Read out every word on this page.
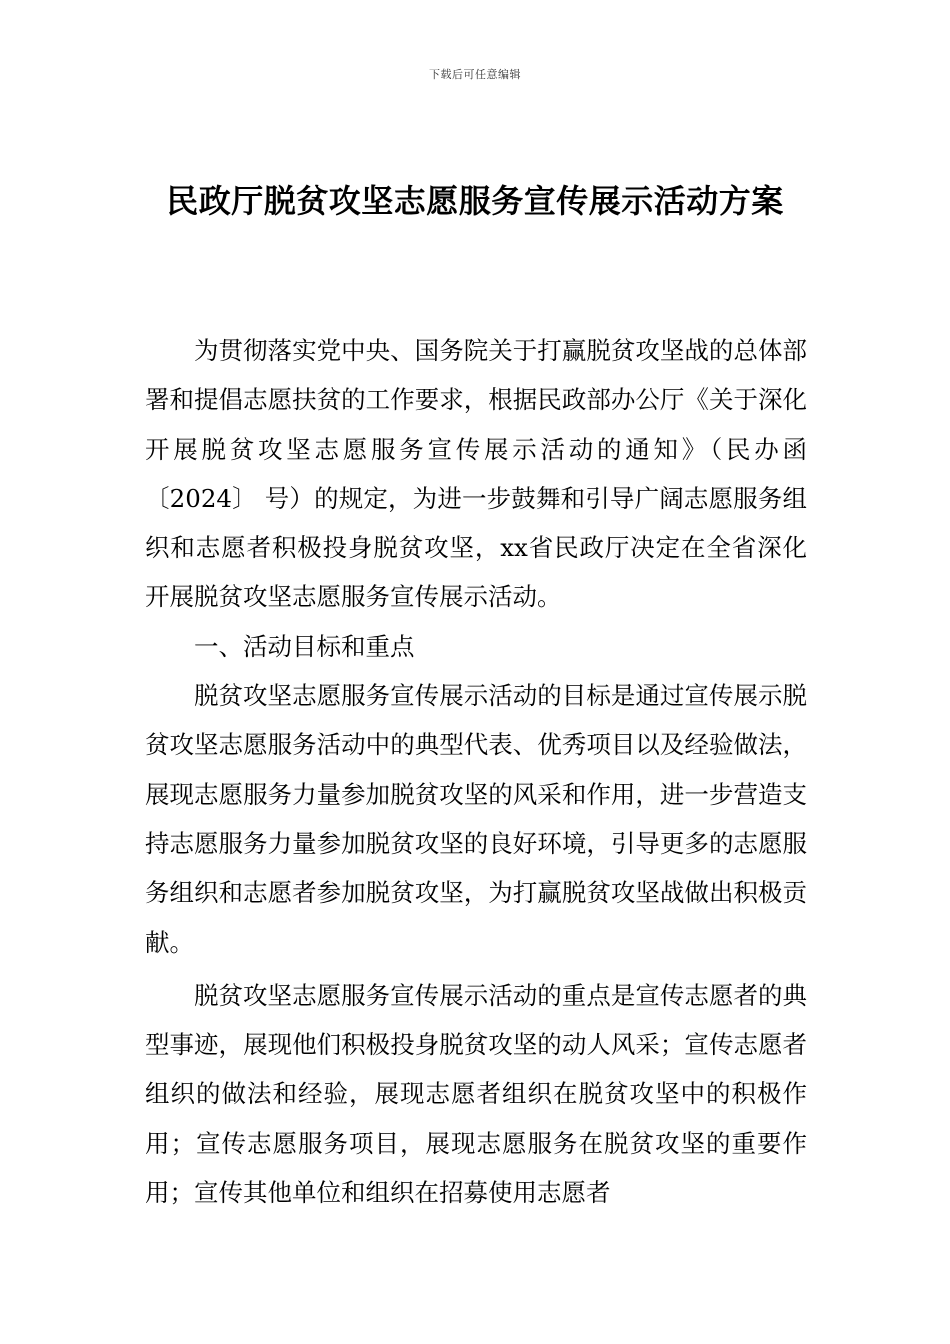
下载后可任意编辑
民政厅脱贫攻坚志愿服务宣传展示活动方案

为贯彻落实党中央、国务院关于打赢脱贫攻坚战的总体部署和提倡志愿扶贫的工作要求，根据民政部办公厅《关于深化开展脱贫攻坚志愿服务宣传展示活动的通知》（民办函〔2024〕 号）的规定，为进一步鼓舞和引导广阔志愿服务组织和志愿者积极投身脱贫攻坚，xx省民政厅决定在全省深化开展脱贫攻坚志愿服务宣传展示活动。

一、活动目标和重点

脱贫攻坚志愿服务宣传展示活动的目标是通过宣传展示脱贫攻坚志愿服务活动中的典型代表、优秀项目以及经验做法，展现志愿服务力量参加脱贫攻坚的风采和作用，进一步营造支持志愿服务力量参加脱贫攻坚的良好环境，引导更多的志愿服务组织和志愿者参加脱贫攻坚，为打赢脱贫攻坚战做出积极贡献。

脱贫攻坚志愿服务宣传展示活动的重点是宣传志愿者的典型事迹，展现他们积极投身脱贫攻坚的动人风采；宣传志愿者组织的做法和经验，展现志愿者组织在脱贫攻坚中的积极作用；宣传志愿服务项目，展现志愿服务在脱贫攻坚的重要作用；宣传其他单位和组织在招募使用志愿者
